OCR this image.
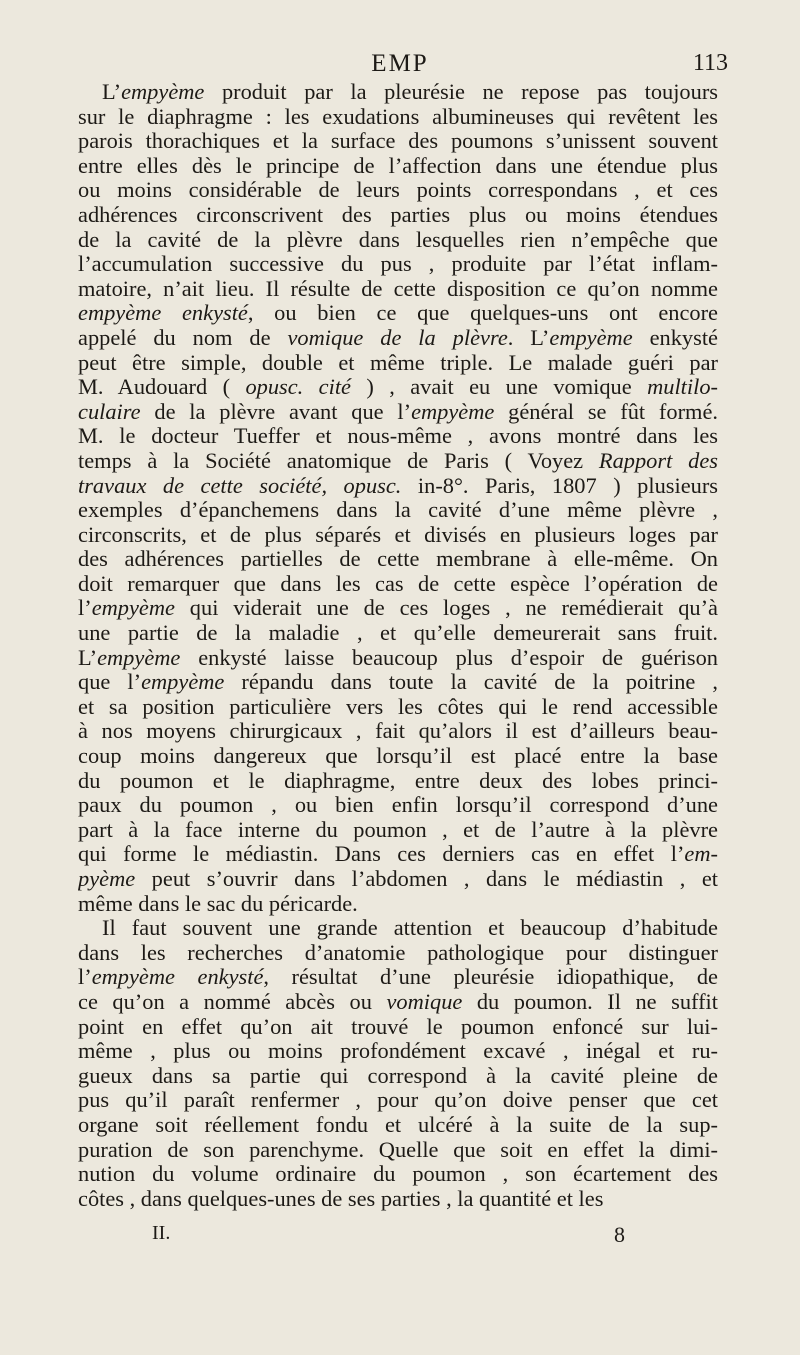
EMP	113
L’empyème produit par la pleurésie ne repose pas toujours
sur le diaphragme : les exudations albumineuses qui revêtent les
parois thorachiques et la surface des poumons s’unissent souvent
entre elles dès le principe de l’affection dans une étendue plus
ou moins considérable de leurs points correspondans , et ces
adhérences circonscrivent des parties plus ou moins étendues
de la cavité de la plèvre dans lesquelles rien n’empêche que
l’accumulation successive du pus , produite par l’état inflam-
matoire, n’ait lieu. Il résulte de cette disposition ce qu’on nomme
empyème enkysté, ou bien ce que quelques-uns ont encore
appelé du nom de vomique de la plèvre. L’empyème enkysté
peut être simple, double et même triple. Le malade guéri par
M. Audouard ( opusc. cité ) , avait eu une vomique multilo-
culaire de la plèvre avant que l’empyème général se fût formé.
M. le docteur Tueffer et nous-même , avons montré dans les
temps à la Société anatomique de Paris ( Voyez Rapport des
travaux de cette société, opusc. in-8°. Paris, 1807 ) plusieurs
exemples d’épanchemens dans la cavité d’une même plèvre ,
circonscrits, et de plus séparés et divisés en plusieurs loges par
des adhérences partielles de cette membrane à elle-même. On
doit remarquer que dans les cas de cette espèce l’opération de
l’empyème qui viderait une de ces loges , ne remédierait qu’à
une partie de la maladie , et qu’elle demeurerait sans fruit.
L’empyème enkysté laisse beaucoup plus d’espoir de guérison
que l’empyème répandu dans toute la cavité de la poitrine ,
et sa position particulière vers les côtes qui le rend accessible
à nos moyens chirurgicaux , fait qu’alors il est d’ailleurs beau-
coup moins dangereux que lorsqu’il est placé entre la base
du poumon et le diaphragme, entre deux des lobes princi-
paux du poumon , ou bien enfin lorsqu’il correspond d’une
part à la face interne du poumon , et de l’autre à la plèvre
qui forme le médiastin. Dans ces derniers cas en effet l’em-
pyème peut s’ouvrir dans l’abdomen , dans le médiastin , et
même dans le sac du péricarde.
Il faut souvent une grande attention et beaucoup d’habitude
dans les recherches d’anatomie pathologique pour distinguer
l’empyème enkysté, résultat d’une pleurésie idiopathique, de
ce qu’on a nommé abcès ou vomique du poumon. Il ne suffit
point en effet qu’on ait trouvé le poumon enfoncé sur lui-
même , plus ou moins profondément excavé , inégal et ru-
gueux dans sa partie qui correspond à la cavité pleine de
pus qu’il paraît renfermer , pour qu’on doive penser que cet
organe soit réellement fondu et ulcéré à la suite de la sup-
puration de son parenchyme. Quelle que soit en effet la dimi-
nution du volume ordinaire du poumon , son écartement des
côtes , dans quelques-unes de ses parties , la quantité et les
II.	8
